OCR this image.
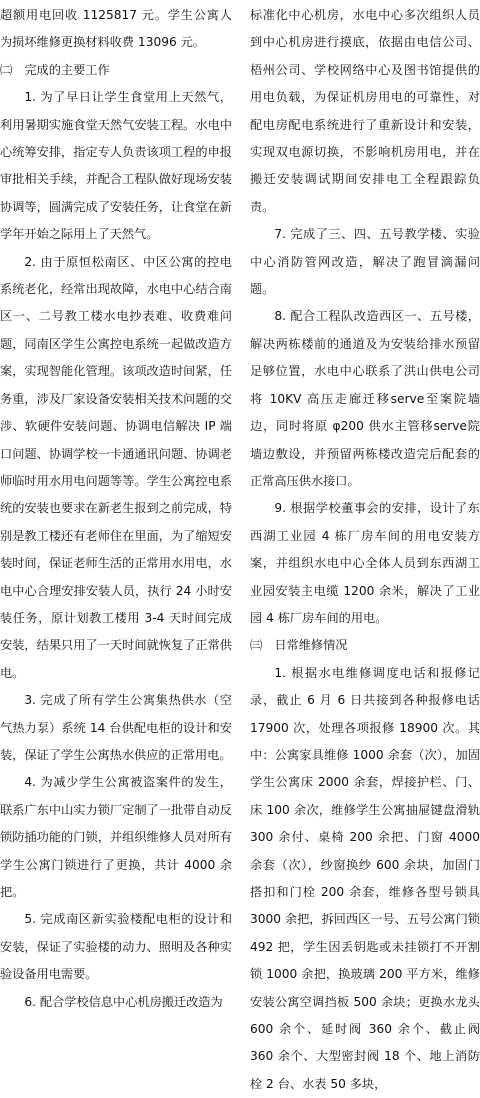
超额用电回收 1125817 元。学生公寓人为损坏维修更换材料收费 13096 元。

㈡　完成的主要工作

1. 为了早日让学生食堂用上天然气，利用暑期实施食堂天然气安装工程。水电中心统筹安排，指定专人负责该项工程的申报审批相关手续，并配合工程队做好现场安装协调等，圆满完成了安装任务，让食堂在新学年开始之际用上了天然气。

2. 由于原恒松南区、中区公寓的控电系统老化，经常出现故障，水电中心结合南区一、二号教工楼水电抄表难、收费难问题，同南区学生公寓控电系统一起做改造方案，实现智能化管理。该项改造时间紧，任务重，涉及厂家设备安装相关技术问题的交涉、软硬件安装问题、协调电信解决 IP 端口问题、协调学校一卡通通讯问题、协调老师临时用水用电问题等等。学生公寓控电系统的安装也要求在新老生报到之前完成，特别是教工楼还有老师住在里面，为了缩短安装时间，保证老师生活的正常用水用电，水电中心合理安排安装人员，执行 24 小时安装任务，原计划教工楼用 3-4 天时间完成安装，结果只用了一天时间就恢复了正常供电。

3. 完成了所有学生公寓集热供水（空气热力泵）系统 14 台供配电柜的设计和安装，保证了学生公寓热水供应的正常用电。

4. 为减少学生公寓被盗案件的发生，联系广东中山实力锁厂定制了一批带自动反锁防插功能的门锁，并组织维修人员对所有学生公寓门锁进行了更换，共计 4000 余把。

5. 完成南区新实验楼配电柜的设计和安装，保证了实验楼的动力、照明及各种实验设备用电需要。

6. 配合学校信息中心机房搬迁改造为

标准化中心机房，水电中心多次组织人员到中心机房进行摸底，依据由电信公司、梧州公司、学校网络中心及图书馆提供的用电负载，为保证机房用电的可靠性，对配电房配电系统进行了重新设计和安装，实现双电源切换，不影响机房用电，并在搬迁安装调试期间安排电工全程跟踪负责。

7. 完成了三、四、五号教学楼、实验中心消防管网改造，解决了跑冒滴漏问题。

8. 配合工程队改造西区一、五号楼，解决两栋楼前的通道及为安装给排水预留足够位置，水电中心联系了洪山供电公司将 10KV 高压走廊迁移serve至案院墙边，同时将原 φ200 供水主管移serve院墙边敷设，并预留两栋楼改造完后配套的正常高压供水接口。

9. 根据学校董事会的安排，设计了东西湖工业园 4 栋厂房车间的用电安装方案，并组织水电中心全体人员到东西湖工业园安装主电缆 1200 余米，解决了工业园 4 栋厂房车间的用电。

㈢　日常维修情况

1. 根据水电维修调度电话和报修记录，截止 6 月 6 日共接到各种报修电话 17900 次，处理各项报修 18900 次。其中：公寓家具维修 1000 余套（次），加固学生公寓床 2000 余套，焊接护栏、门、床 100 余次，维修学生公寓抽屉键盘滑轨 300 余付、桌椅 200 余把、门窗 4000 余套（次），纱窗换纱 600 余块，加固门搭扣和门栓 200 余套，维修各型号锁具 3000 余把，拆回西区一号、五号公寓门锁 492 把，学生因丢钥匙或未挂锁打不开割锁 1000 余把，换玻璃 200 平方米，维修安装公寓空调挡板 500 余块；更换水龙头 600 余个、延时阀 360 余个、截止阀 360 余个、大型密封阀 18 个、地上消防栓 2 台、水表 50 多块，
